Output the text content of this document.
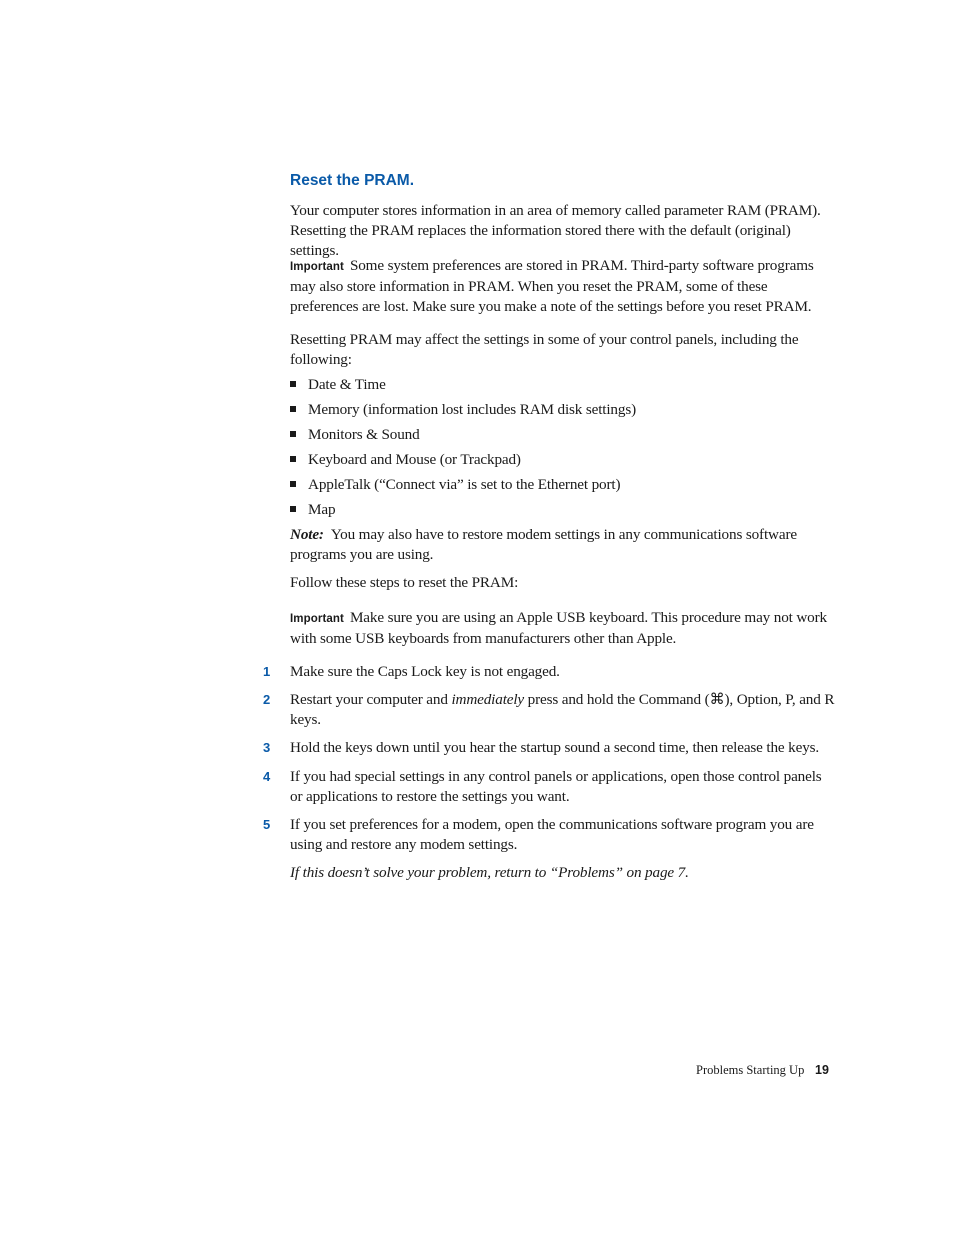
Reset the PRAM.
Your computer stores information in an area of memory called parameter RAM (PRAM). Resetting the PRAM replaces the information stored there with the default (original) settings.
Important Some system preferences are stored in PRAM. Third-party software programs may also store information in PRAM. When you reset the PRAM, some of these preferences are lost. Make sure you make a note of the settings before you reset PRAM.
Resetting PRAM may affect the settings in some of your control panels, including the following:
Date & Time
Memory (information lost includes RAM disk settings)
Monitors & Sound
Keyboard and Mouse (or Trackpad)
AppleTalk (“Connect via” is set to the Ethernet port)
Map
Note: You may also have to restore modem settings in any communications software programs you are using.
Follow these steps to reset the PRAM:
Important Make sure you are using an Apple USB keyboard. This procedure may not work with some USB keyboards from manufacturers other than Apple.
1	Make sure the Caps Lock key is not engaged.
2	Restart your computer and immediately press and hold the Command (⌘), Option, P, and R keys.
3	Hold the keys down until you hear the startup sound a second time, then release the keys.
4	If you had special settings in any control panels or applications, open those control panels or applications to restore the settings you want.
5	If you set preferences for a modem, open the communications software program you are using and restore any modem settings.
If this doesn’t solve your problem, return to “Problems” on page 7.
Problems Starting Up 19
